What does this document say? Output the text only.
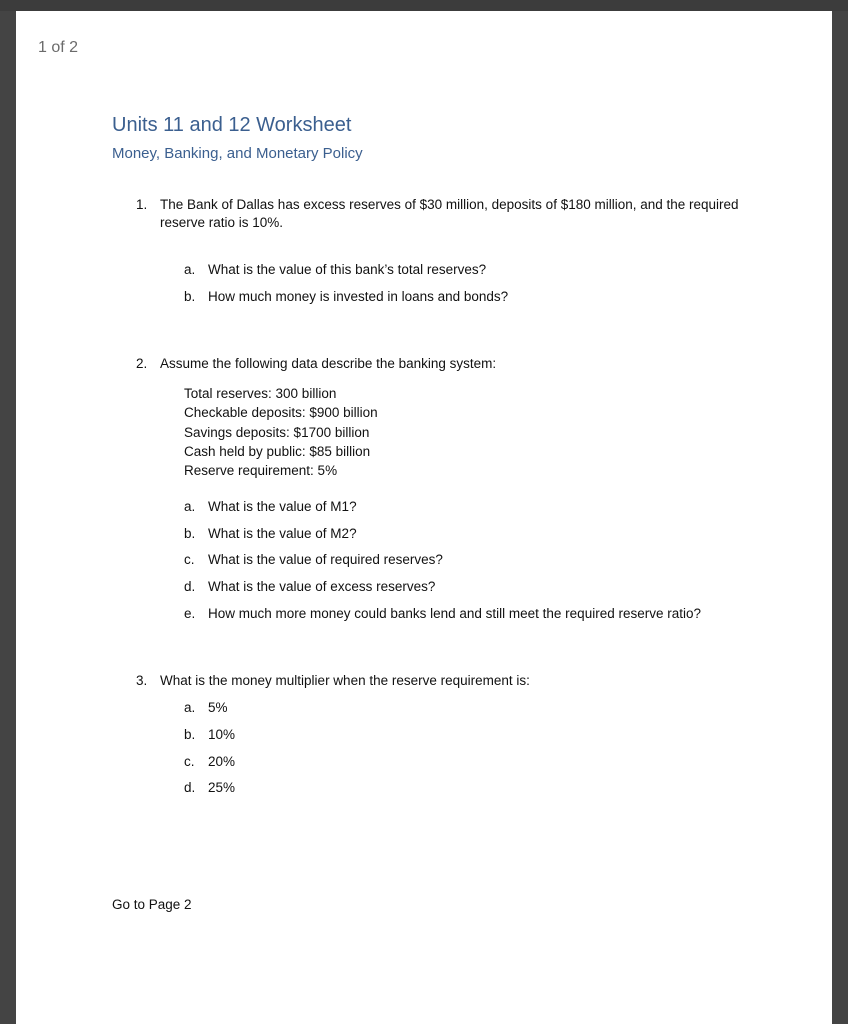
1 of 2
Units 11 and 12 Worksheet
Money, Banking, and Monetary Policy
1. The Bank of Dallas has excess reserves of $30 million, deposits of $180 million, and the required
reserve ratio is 10%.
a. What is the value of this bank’s total reserves?
b. How much money is invested in loans and bonds?
2. Assume the following data describe the banking system:
Total reserves: 300 billion
Checkable deposits: $900 billion
Savings deposits: $1700 billion
Cash held by public: $85 billion
Reserve requirement: 5%
a. What is the value of M1?
b. What is the value of M2?
c. What is the value of required reserves?
d. What is the value of excess reserves?
e. How much more money could banks lend and still meet the required reserve ratio?
3. What is the money multiplier when the reserve requirement is:
a. 5%
b. 10%
c. 20%
d. 25%
Go to Page 2
